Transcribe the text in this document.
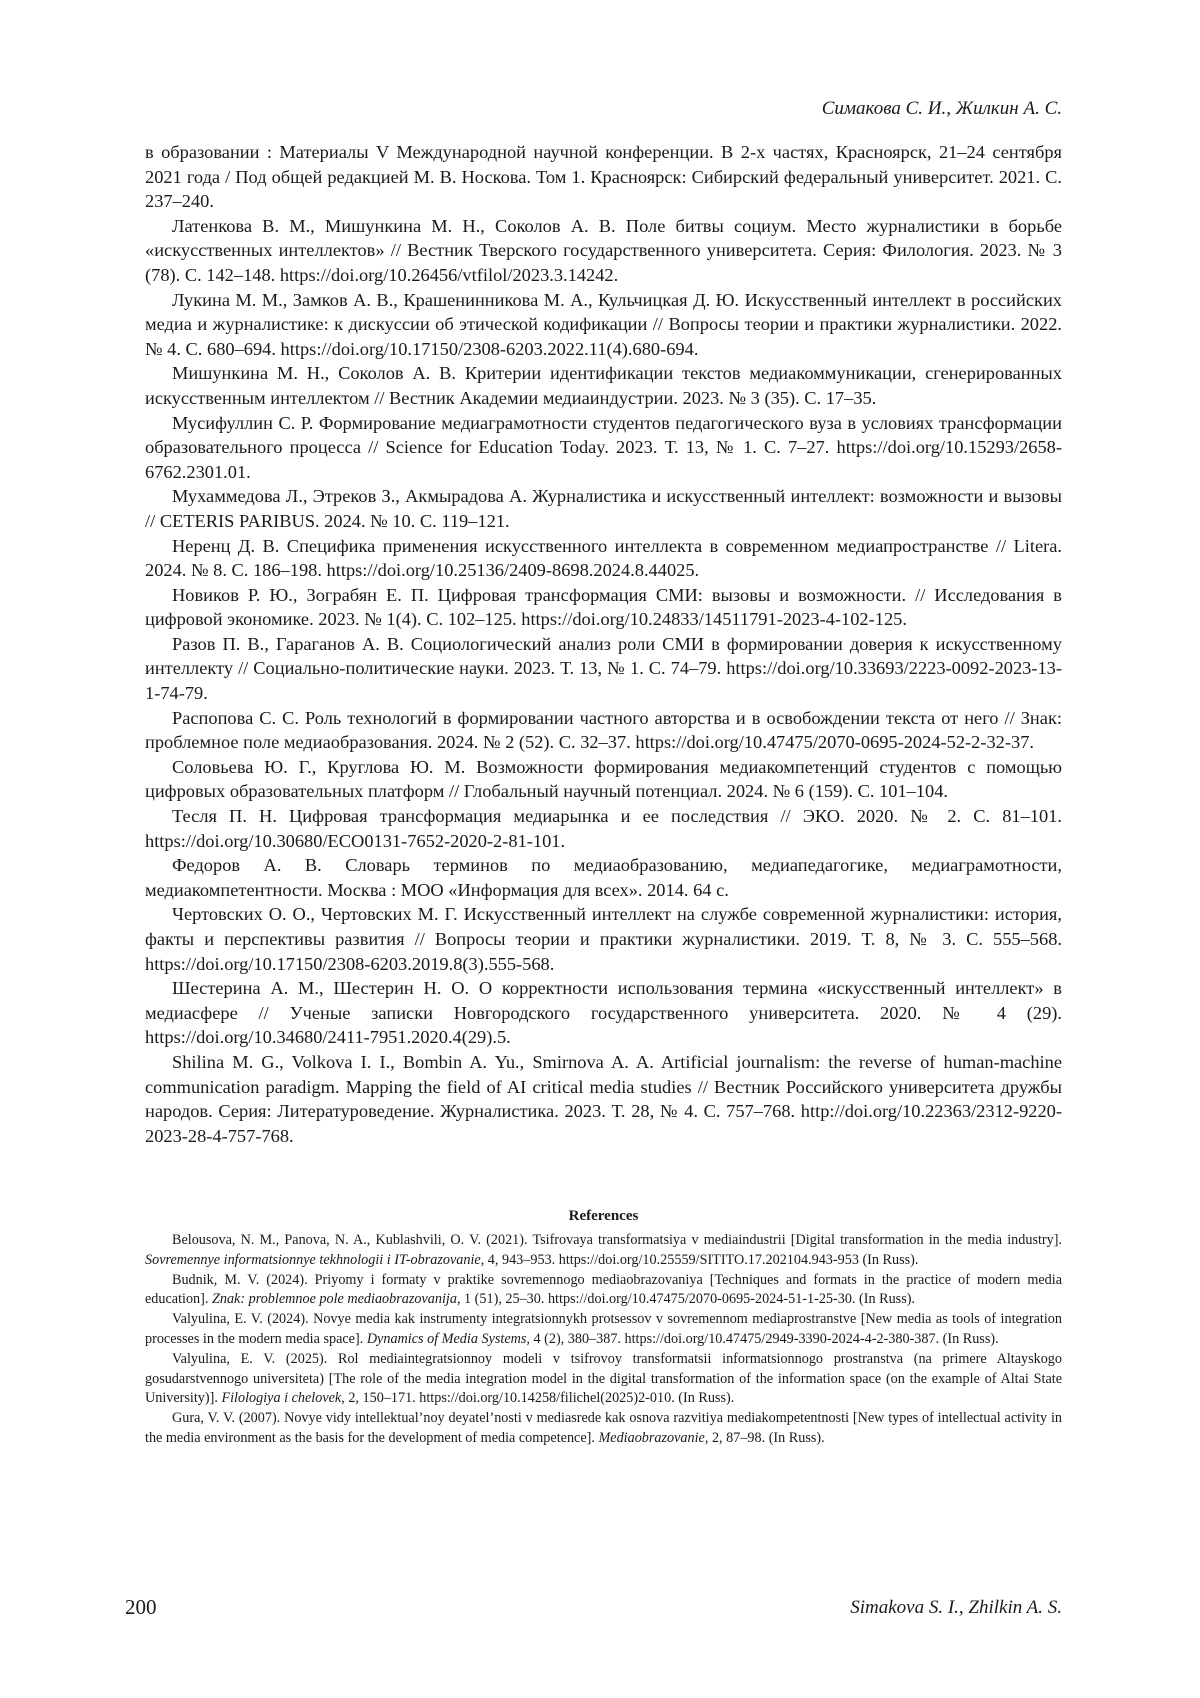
Симакова С. И., Жилкин А. С.

в образовании : Материалы V Международной научной конференции. В 2-х частях, Красноярск, 21–24 сентября 2021 года / Под общей редакцией М. В. Носкова. Том 1. Красноярск: Сибирский федеральный университет. 2021. С. 237–240.

Латенкова В. М., Мишункина М. Н., Соколов А. В. Поле битвы социум. Место журналистики в борьбе «искусственных интеллектов» // Вестник Тверского государственного университета. Серия: Филология. 2023. № 3 (78). С. 142–148. https://doi.org/10.26456/vtfilol/2023.3.14242.

Лукина М. М., Замков А. В., Крашенинникова М. А., Кульчицкая Д. Ю. Искусственный интеллект в российских медиа и журналистике: к дискуссии об этической кодификации // Вопросы теории и практики журналистики. 2022. № 4. С. 680–694. https://doi.org/10.17150/2308-6203.2022.11(4).680-694.

Мишункина М. Н., Соколов А. В. Критерии идентификации текстов медиакоммуникации, сгенерированных искусственным интеллектом // Вестник Академии медиаиндустрии. 2023. № 3 (35). С. 17–35.

Мусифуллин С. Р. Формирование медиаграмотности студентов педагогического вуза в условиях трансформации образовательного процесса // Science for Education Today. 2023. Т. 13, № 1. С. 7–27. https://doi.org/10.15293/2658-6762.2301.01.

Мухаммедова Л., Этреков З., Акмырадова А. Журналистика и искусственный интеллект: возможности и вызовы // CETERIS PARIBUS. 2024. № 10. С. 119–121.

Неренц Д. В. Специфика применения искусственного интеллекта в современном медиапространстве // Litera. 2024. № 8. С. 186–198. https://doi.org/10.25136/2409-8698.2024.8.44025.

Новиков Р. Ю., Зограбян Е. П. Цифровая трансформация СМИ: вызовы и возможности. // Исследования в цифровой экономике. 2023. № 1(4). С. 102–125. https://doi.org/10.24833/14511791-2023-4-102-125.

Разов П. В., Гараганов А. В. Социологический анализ роли СМИ в формировании доверия к искусственному интеллекту // Социально-политические науки. 2023. Т. 13, № 1. С. 74–79. https://doi.org/10.33693/2223-0092-2023-13-1-74-79.

Распопова С. С. Роль технологий в формировании частного авторства и в освобождении текста от него // Знак: проблемное поле медиаобразования. 2024. № 2 (52). С. 32–37. https://doi.org/10.47475/2070-0695-2024-52-2-32-37.

Соловьева Ю. Г., Круглова Ю. М. Возможности формирования медиакомпетенций студентов с помощью цифровых образовательных платформ // Глобальный научный потенциал. 2024. № 6 (159). С. 101–104.

Тесля П. Н. Цифровая трансформация медиарынка и ее последствия // ЭКО. 2020. № 2. С. 81–101. https://doi.org/10.30680/ECO0131-7652-2020-2-81-101.

Федоров А. В. Словарь терминов по медиаобразованию, медиапедагогике, медиаграмотности, медиакомпетентности. Москва : МОО «Информация для всех». 2014. 64 с.

Чертовских О. О., Чертовских М. Г. Искусственный интеллект на службе современной журналистики: история, факты и перспективы развития // Вопросы теории и практики журналистики. 2019. Т. 8, № 3. С. 555–568. https://doi.org/10.17150/2308-6203.2019.8(3).555-568.

Шестерина А. М., Шестерин Н. О. О корректности использования термина «искусственный интеллект» в медиасфере // Ученые записки Новгородского государственного университета. 2020. № 4 (29). https://doi.org/10.34680/2411-7951.2020.4(29).5.

Shilina M. G., Volkova I. I., Bombin A. Yu., Smirnova A. A. Artificial journalism: the reverse of human-machine communication paradigm. Mapping the field of AI critical media studies // Вестник Российского университета дружбы народов. Серия: Литературоведение. Журналистика. 2023. Т. 28, № 4. С. 757–768. http://doi.org/10.22363/2312-9220-2023-28-4-757-768.

References

Belousova, N. M., Panova, N. A., Kublashvili, O. V. (2021). Tsifrovaya transformatsiya v mediaindustrii [Digital transformation in the media industry]. Sovremennye informatsionnye tekhnologii i IT-obrazovanie, 4, 943–953. https://doi.org/10.25559/SITITO.17.202104.943-953 (In Russ).

Budnik, M. V. (2024). Priyomy i formaty v praktike sovremennogo mediaobrazovaniya [Techniques and formats in the practice of modern media education]. Znak: problemnoe pole mediaobrazovanija, 1 (51), 25–30. https://doi.org/10.47475/2070-0695-2024-51-1-25-30. (In Russ).

Valyulina, E. V. (2024). Novye media kak instrumenty integratsionnykh protsessov v sovremennom mediaprostranstve [New media as tools of integration processes in the modern media space]. Dynamics of Media Systems, 4 (2), 380–387. https://doi.org/10.47475/2949-3390-2024-4-2-380-387. (In Russ).

Valyulina, E. V. (2025). Rol mediaintegratsionnoy modeli v tsifrovoy transformatsii informatsionnogo prostranstva (na primere Altayskogo gosudarstvennogo universiteta) [The role of the media integration model in the digital transformation of the information space (on the example of Altai State University)]. Filologiya i chelovek, 2, 150–171. https://doi.org/10.14258/filichel(2025)2-010. (In Russ).

Gura, V. V. (2007). Novye vidy intellektual’noy deyatel’nosti v mediasrede kak osnova razvitiya mediakompetentnosti [New types of intellectual activity in the media environment as the basis for the development of media competence]. Mediaobrazovanie, 2, 87–98. (In Russ).

200	Simakova S. I., Zhilkin A. S.
